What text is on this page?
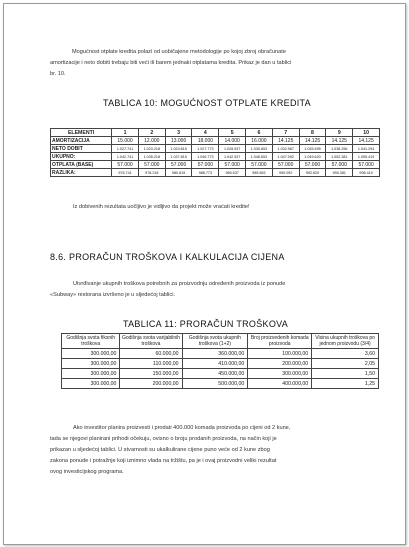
Mogućnost otplate kredita polazi od uobičajene metodologije po kojoj zbroj obračunate
amortizacije i neto dobiti trebaju biti veći ili barem jednaki otplatama kredita. Prikaz je dan u tablici
br. 10.
TABLICA 10: MOGUĆNOST OTPLATE KREDITA
ELEMENTI	1	2	3	4	5	6	7	8	9	10
AMORTIZACIJA	15.000	12.000	13.000	18.000	14.000	16.000	14.125	14.125	14.125	14.125
NETO DOBIT	1.027.741	1.023.218	1.024.815	1.027.773	1.028.537	1.030.653	1.032.967	1.035.495	1.038.256	1.041.294
UKUPNO:	1.042.741	1.035.218	1.037.815	1.045.773	1.042.537	1.046.653	1.047.092	1.049.620	1.052.381	1.055.419
OTPLATA (BASE)	57.000	57.000	57.000	57.000	57.000	57.000	57.000	57.000	57.000	57.000
RAZLIKA:	976.741	978.218	980.815	988.773	985.537	989.653	990.092	992.620	995.381	998.419
Iz dobivenih rezultata uočljivo je vidljivo da projekt može vraćati kredite!
8.6. PRORAČUN TROŠKOVA I KALKULACIJA CIJENA
Utvrđivanje ukupnih troškova potrebnih za proizvodnju određenih proizvoda iz ponude
«Subway» restorana izvršeno je u sljedećoj tablici.
TABLICA 11: PRORAČUN TROŠKOVA
Godišnja svota fiksnih troškova	Godišnja svota varijabilnih troškova	Godišnja svota ukupnih troškova (1+2)	Broj proizvedenih komada proizvoda	Visina ukupnih troškova po jednom proizvodu (3/4)
300.000,00	60.000,00	360.000,00	100.000,00	3,60
300.000,00	110.000,00	410.000,00	200.000,00	2,05
300.000,00	150.000,00	450.000,00	300.000,00	1,50
300.000,00	200.000,00	500.000,00	400.000,00	1,25
Ako investitor planira proizvesti i prodati 400.000 komada proizvoda po cijeni od 2 kune,
tada se njegovi planirani prihodi očekuju, ovisno o broju prodanih proizvoda, na način koji je
prikazan u sljedećoj tablici. U stvarnosti su ukalkulirane cijene puno veće od 2 kune zbog
zakona ponude i potražnje koji iznimno vlada na tržištu, pa je i ovaj proizvodni veliki rezultat
ovog investicijskog programa.
